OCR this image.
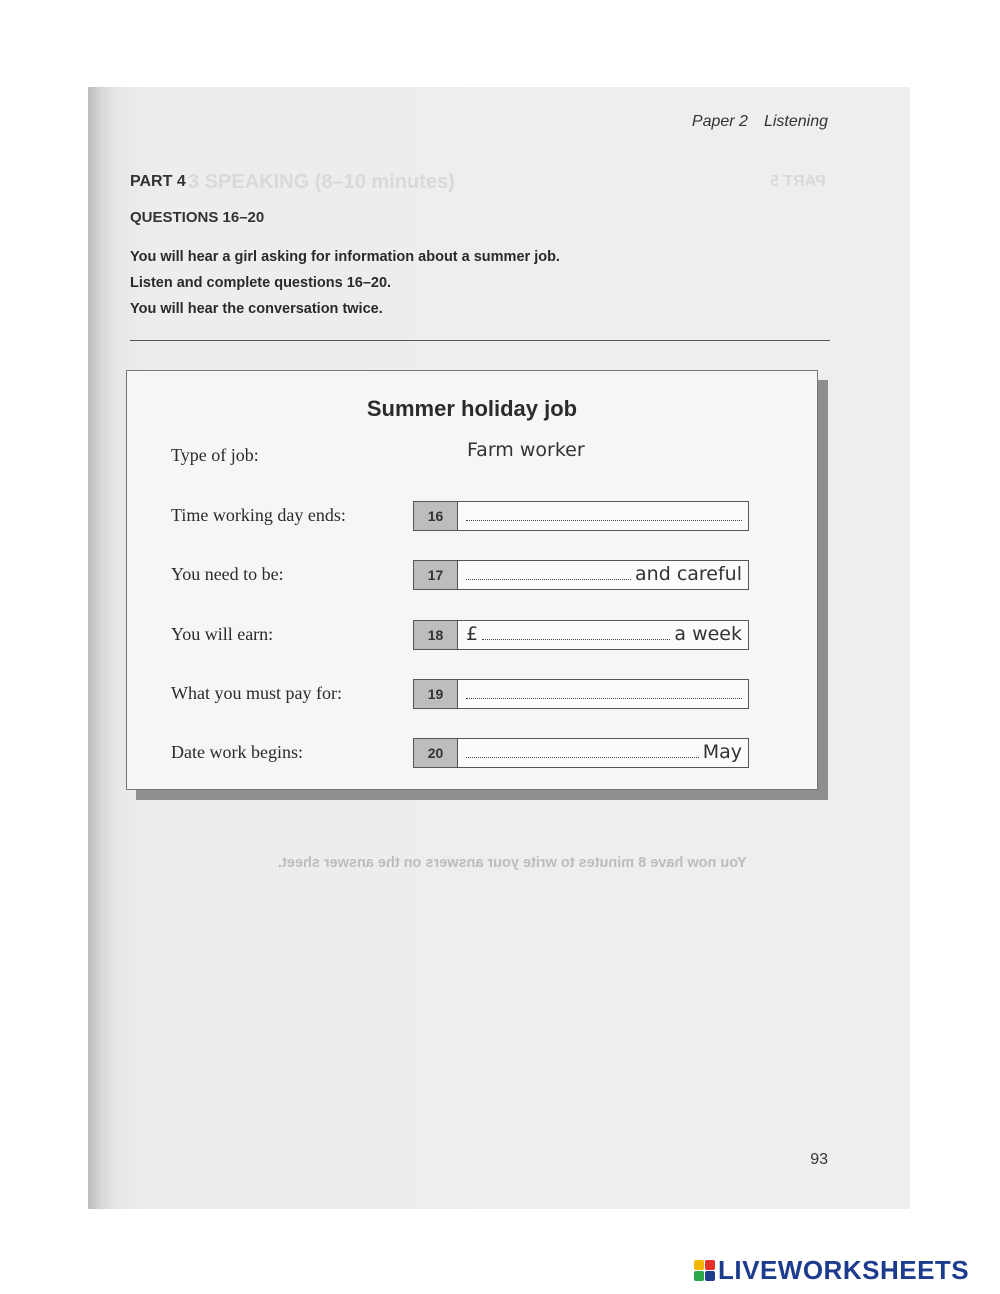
3 SPEAKING (8–10 minutes)	PART 5
Paper 2 Listening
PART 4
QUESTIONS 16–20
You will hear a girl asking for information about a summer job.
Listen and complete questions 16–20.
You will hear the conversation twice.
Summer holiday job
Type of job:	Farm worker
Time working day ends:	16
You need to be:	17	and careful
You will earn:	18	£	a week
What you must pay for:	19
Date work begins:	20	May
You now have 8 minutes to write your answers on the answer sheet.
93
LIVEWORKSHEETS
